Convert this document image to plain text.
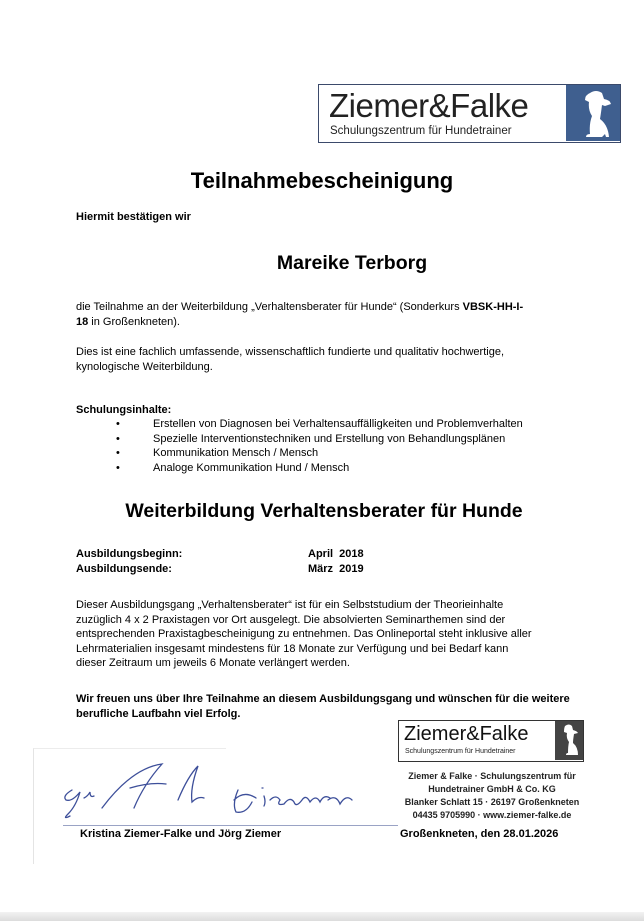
Ziemer&Falke
Schulungszentrum für Hundetrainer
Teilnahmebescheinigung
Hiermit bestätigen wir
Mareike Terborg
die Teilnahme an der Weiterbildung „Verhaltensberater für Hunde“ (Sonderkurs VBSK-HH-I-
18 in Großenkneten).
Dies ist eine fachlich umfassende, wissenschaftlich fundierte und qualitativ hochwertige,
kynologische Weiterbildung.
Schulungsinhalte:
• Erstellen von Diagnosen bei Verhaltensauffälligkeiten und Problemverhalten
• Spezielle Interventionstechniken und Erstellung von Behandlungsplänen
• Kommunikation Mensch / Mensch
• Analoge Kommunikation Hund / Mensch
Weiterbildung Verhaltensberater für Hunde
Ausbildungsbeginn:	April  2018
Ausbildungsende:	März  2019
Dieser Ausbildungsgang „Verhaltensberater“ ist für ein Selbststudium der Theorieinhalte
zuzüglich 4 x 2 Praxistagen vor Ort ausgelegt. Die absolvierten Seminarthemen sind der
entsprechenden Praxistagbescheinigung zu entnehmen. Das Onlineportal steht inklusive aller
Lehrmaterialien insgesamt mindestens für 18 Monate zur Verfügung und bei Bedarf kann
dieser Zeitraum um jeweils 6 Monate verlängert werden.
Wir freuen uns über Ihre Teilnahme an diesem Ausbildungsgang und wünschen für die weitere
berufliche Laufbahn viel Erfolg.
Kristina Ziemer-Falke und Jörg Ziemer
Ziemer&Falke
Schulungszentrum für Hundetrainer
Ziemer & Falke · Schulungszentrum für
Hundetrainer GmbH & Co. KG
Blanker Schlatt 15 · 26197 Großenkneten
04435 9705990 · www.ziemer-falke.de
Großenkneten, den 28.01.2026
